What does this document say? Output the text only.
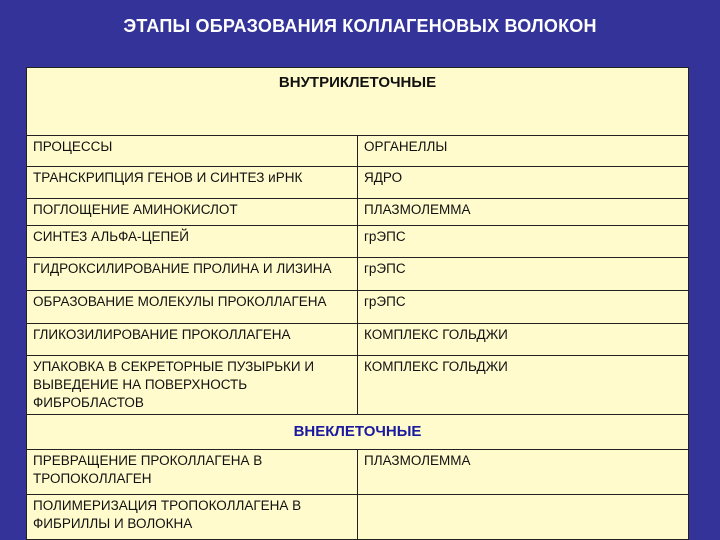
ЭТАПЫ ОБРАЗОВАНИЯ КОЛЛАГЕНОВЫХ ВОЛОКОН
ВНУТРИКЛЕТОЧНЫЕ	
ПРОЦЕССЫ	ОРГАНЕЛЛЫ
ТРАНСКРИПЦИЯ ГЕНОВ И СИНТЕЗ иРНК	ЯДРО
ПОГЛОЩЕНИЕ АМИНОКИСЛОТ	ПЛАЗМОЛЕММА
СИНТЕЗ АЛЬФА-ЦЕПЕЙ	грЭПС
ГИДРОКСИЛИРОВАНИЕ ПРОЛИНА И ЛИЗИНА	грЭПС
ОБРАЗОВАНИЕ МОЛЕКУЛЫ ПРОКОЛЛАГЕНА	грЭПС
ГЛИКОЗИЛИРОВАНИЕ ПРОКОЛЛАГЕНА	КОМПЛЕКС ГОЛЬДЖИ

УПАКОВКА В СЕКРЕТОРНЫЕ ПУЗЫРЬКИ И
ВЫВЕДЕНИЕ НА ПОВЕРХНОСТЬ ФИБРОБЛАСТОВ	КОМПЛЕКС ГОЛЬДЖИ
ВНЕКЛЕТОЧНЫЕ	

ПРЕВРАЩЕНИЕ ПРОКОЛЛАГЕНА В
ТРОПОКОЛЛАГЕН	ПЛАЗМОЛЕММА

ПОЛИМЕРИЗАЦИЯ ТРОПОКОЛЛАГЕНА В
ФИБРИЛЛЫ И ВОЛОКНА	
